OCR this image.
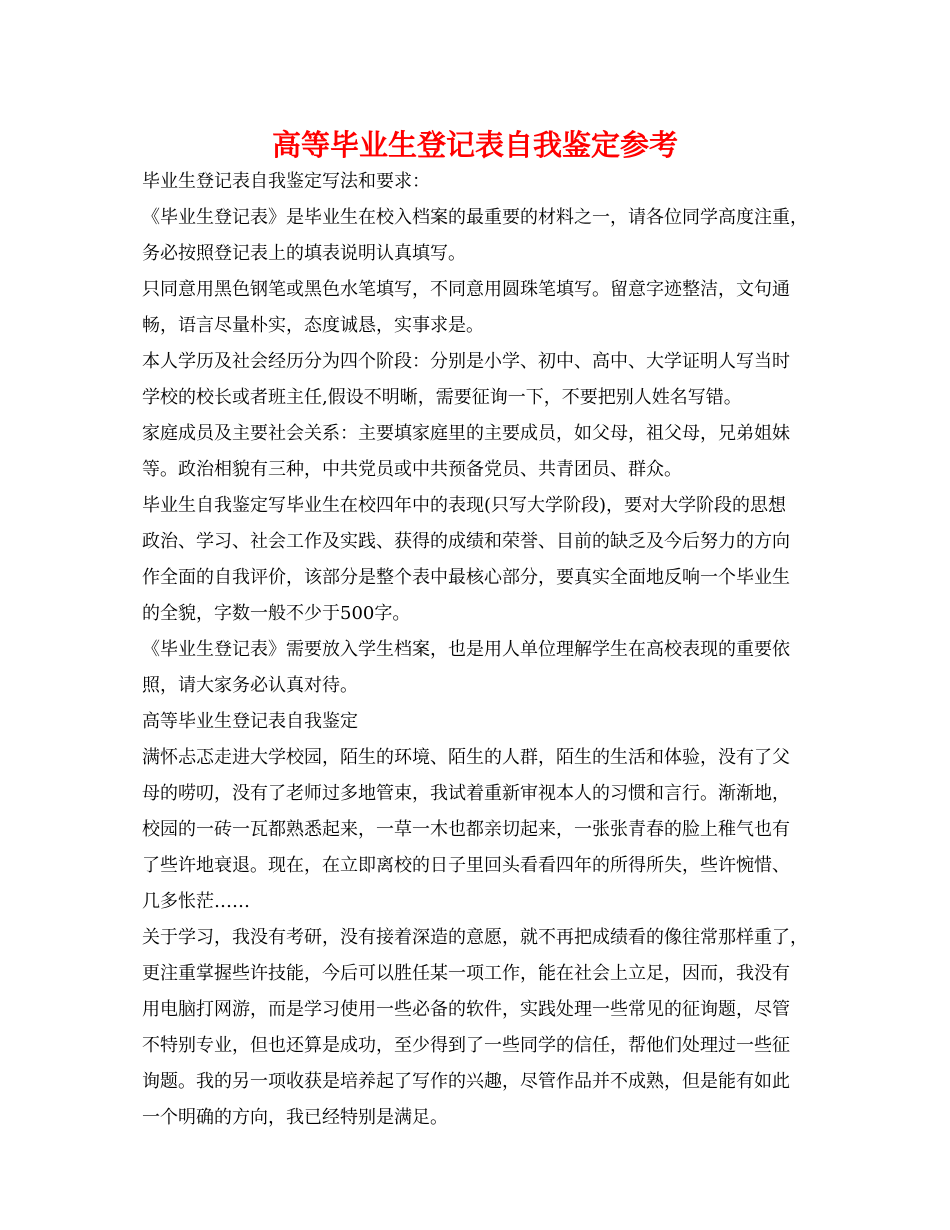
高等毕业生登记表自我鉴定参考
毕业生登记表自我鉴定写法和要求：
《毕业生登记表》是毕业生在校入档案的最重要的材料之一，请各位同学高度注重，
务必按照登记表上的填表说明认真填写。
只同意用黑色钢笔或黑色水笔填写，不同意用圆珠笔填写。留意字迹整洁，文句通
畅，语言尽量朴实，态度诚恳，实事求是。
本人学历及社会经历分为四个阶段：分别是小学、初中、高中、大学证明人写当时
学校的校长或者班主任,假设不明晰，需要征询一下，不要把别人姓名写错。
家庭成员及主要社会关系：主要填家庭里的主要成员，如父母，祖父母，兄弟姐妹
等。政治相貌有三种，中共党员或中共预备党员、共青团员、群众。
毕业生自我鉴定写毕业生在校四年中的表现(只写大学阶段)，要对大学阶段的思想
政治、学习、社会工作及实践、获得的成绩和荣誉、目前的缺乏及今后努力的方向
作全面的自我评价，该部分是整个表中最核心部分，要真实全面地反响一个毕业生
的全貌，字数一般不少于500字。
《毕业生登记表》需要放入学生档案，也是用人单位理解学生在高校表现的重要依
照，请大家务必认真对待。
高等毕业生登记表自我鉴定
满怀忐忑走进大学校园，陌生的环境、陌生的人群，陌生的生活和体验，没有了父
母的唠叨，没有了老师过多地管束，我试着重新审视本人的习惯和言行。渐渐地，
校园的一砖一瓦都熟悉起来，一草一木也都亲切起来，一张张青春的脸上稚气也有
了些许地衰退。现在，在立即离校的日子里回头看看四年的所得所失，些许惋惜、
几多怅茫……
关于学习，我没有考研，没有接着深造的意愿，就不再把成绩看的像往常那样重了，
更注重掌握些许技能，今后可以胜任某一项工作，能在社会上立足，因而，我没有
用电脑打网游，而是学习使用一些必备的软件，实践处理一些常见的征询题，尽管
不特别专业，但也还算是成功，至少得到了一些同学的信任，帮他们处理过一些征
询题。我的另一项收获是培养起了写作的兴趣，尽管作品并不成熟，但是能有如此
一个明确的方向，我已经特别是满足。
